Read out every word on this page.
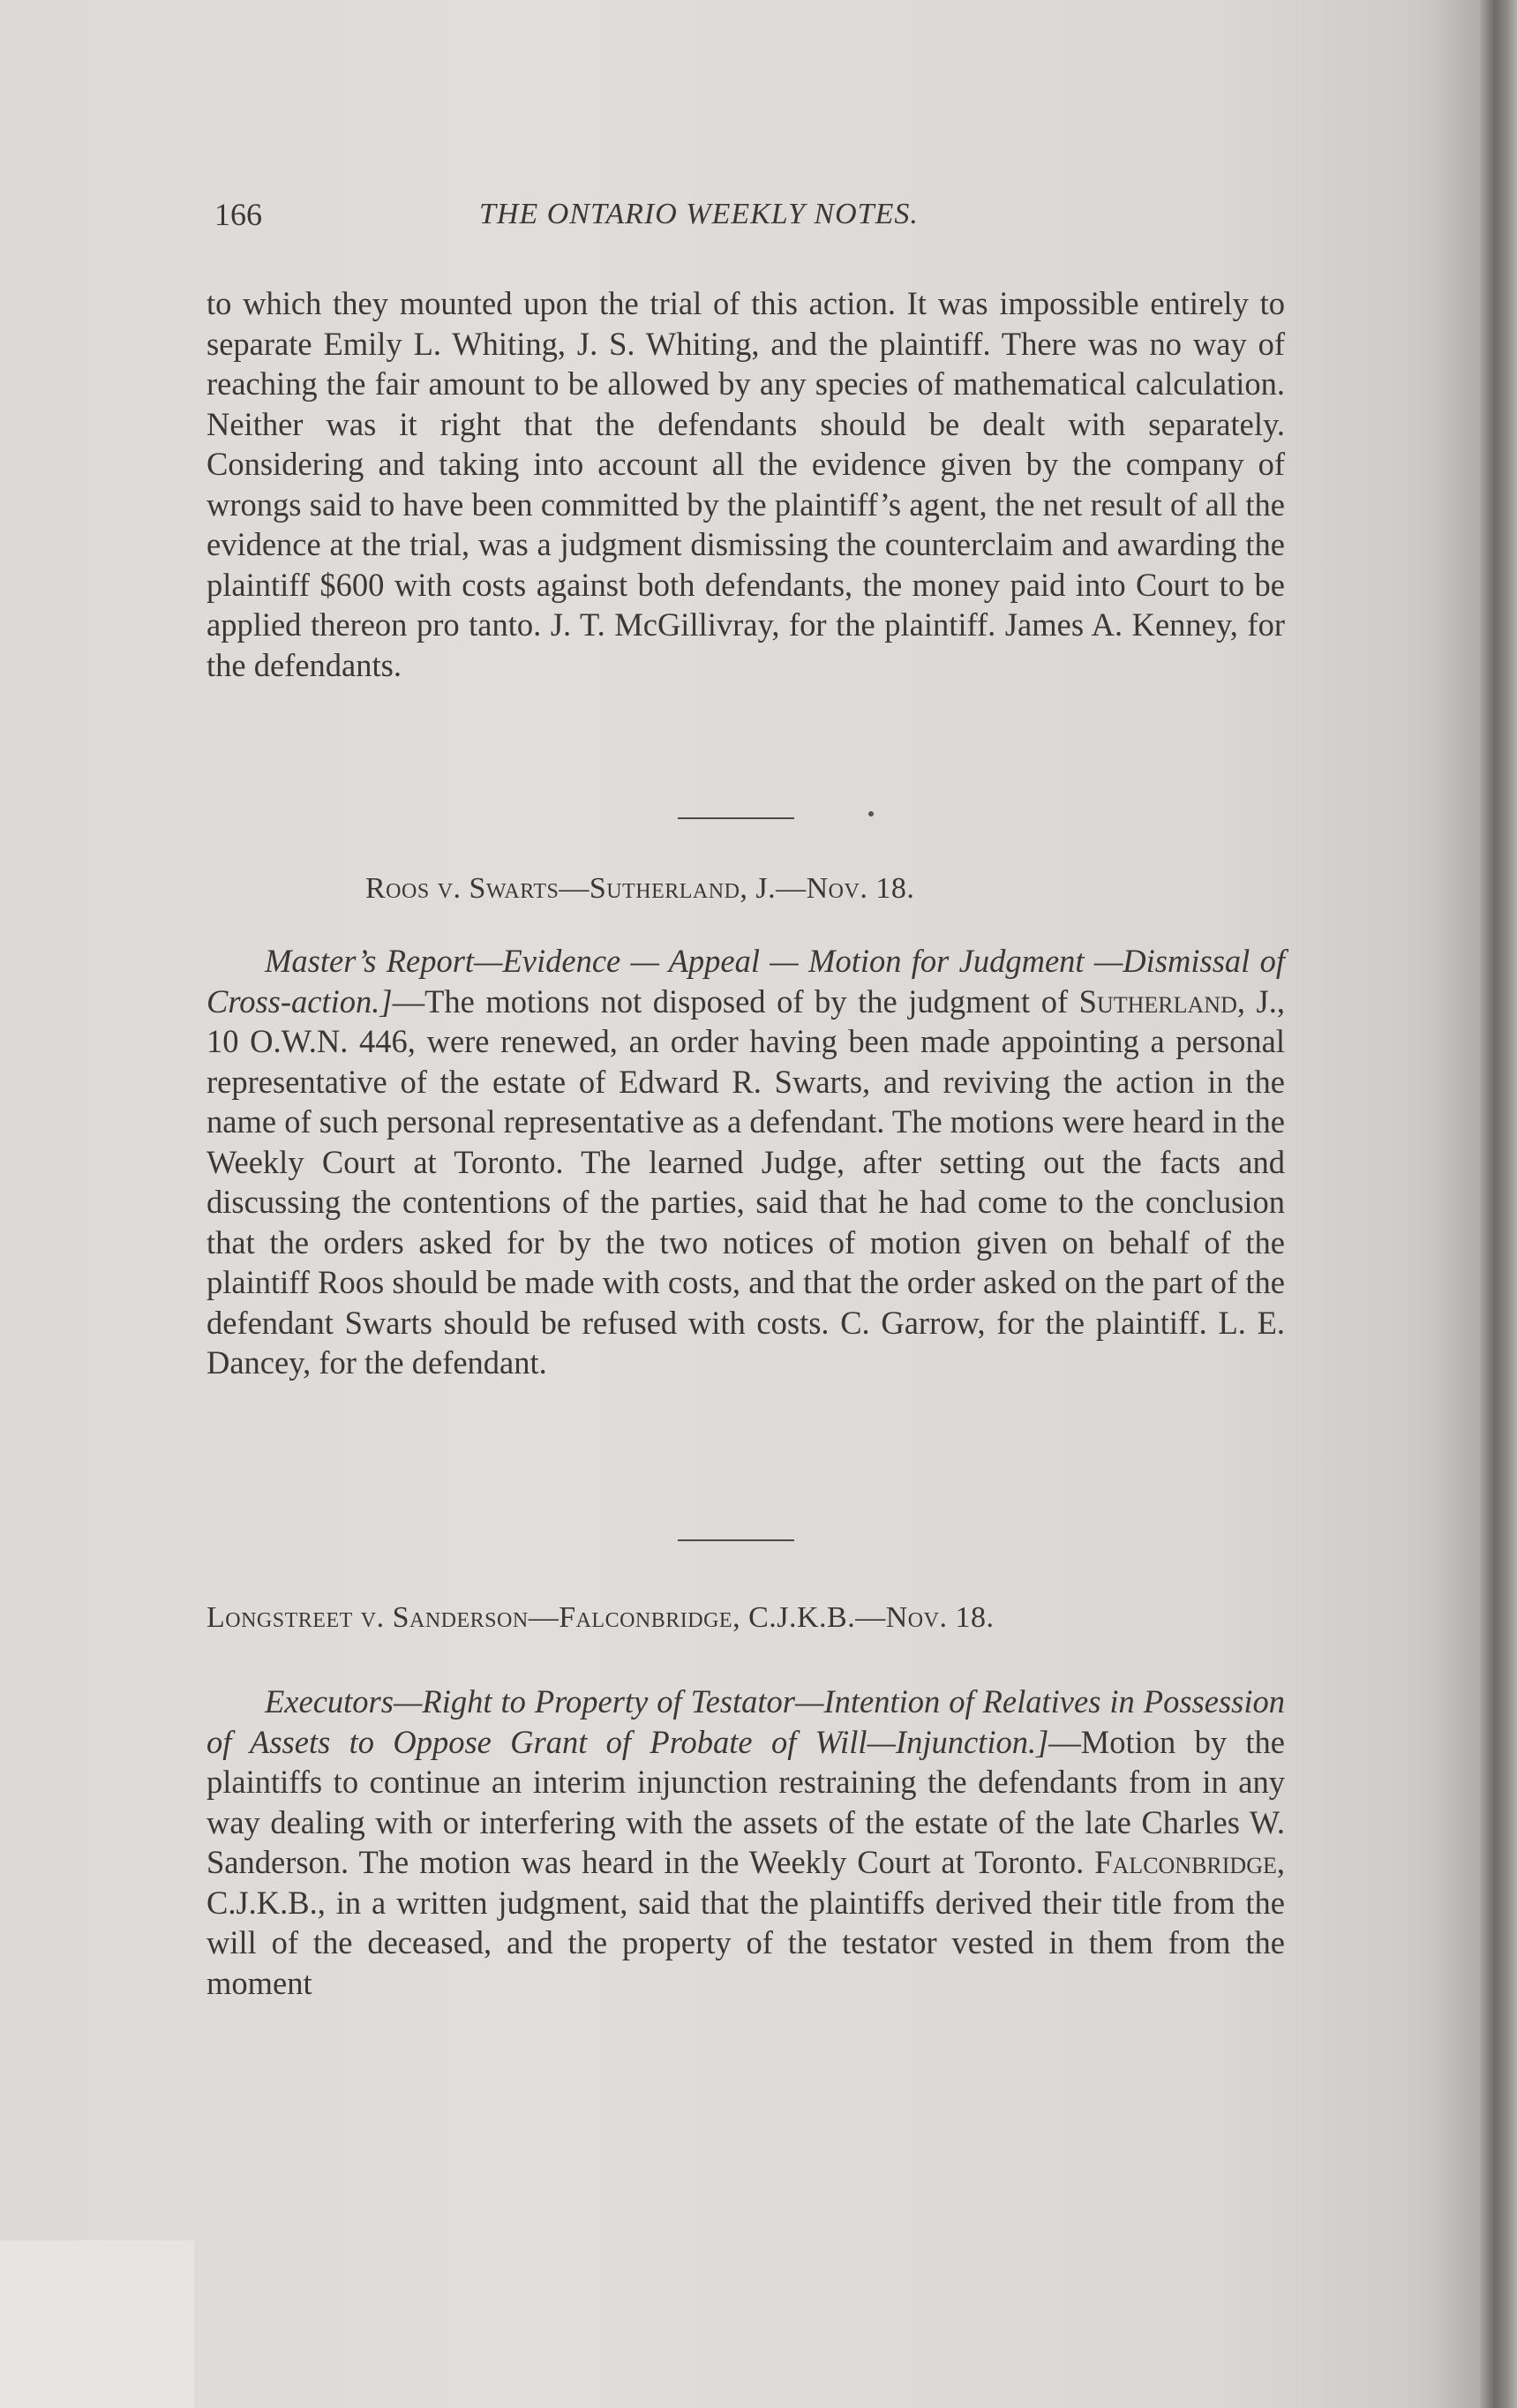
166	THE ONTARIO WEEKLY NOTES.

to which they mounted upon the trial of this action. It was impossible entirely to separate Emily L. Whiting, J. S. Whiting, and the plaintiff. There was no way of reaching the fair amount to be allowed by any species of mathematical calculation. Neither was it right that the defendants should be dealt with separately. Considering and taking into account all the evidence given by the company of wrongs said to have been committed by the plaintiff’s agent, the net result of all the evidence at the trial, was a judgment dismissing the counterclaim and awarding the plaintiff $600 with costs against both defendants, the money paid into Court to be applied thereon pro tanto. J. T. McGillivray, for the plaintiff. James A. Kenney, for the defendants.

Roos v. Swarts—Sutherland, J.—Nov. 18.

Master’s Report—Evidence — Appeal — Motion for Judgment —Dismissal of Cross-action.]—The motions not disposed of by the judgment of Sutherland, J., 10 O.W.N. 446, were renewed, an order having been made appointing a personal representative of the estate of Edward R. Swarts, and reviving the action in the name of such personal representative as a defendant. The motions were heard in the Weekly Court at Toronto. The learned Judge, after setting out the facts and discussing the contentions of the parties, said that he had come to the conclusion that the orders asked for by the two notices of motion given on behalf of the plaintiff Roos should be made with costs, and that the order asked on the part of the defendant Swarts should be refused with costs. C. Garrow, for the plaintiff. L. E. Dancey, for the defendant.

Longstreet v. Sanderson—Falconbridge, C.J.K.B.—Nov. 18.

Executors—Right to Property of Testator—Intention of Relatives in Possession of Assets to Oppose Grant of Probate of Will—Injunction.]—Motion by the plaintiffs to continue an interim injunction restraining the defendants from in any way dealing with or interfering with the assets of the estate of the late Charles W. Sanderson. The motion was heard in the Weekly Court at Toronto. Falconbridge, C.J.K.B., in a written judgment, said that the plaintiffs derived their title from the will of the deceased, and the property of the testator vested in them from the moment
